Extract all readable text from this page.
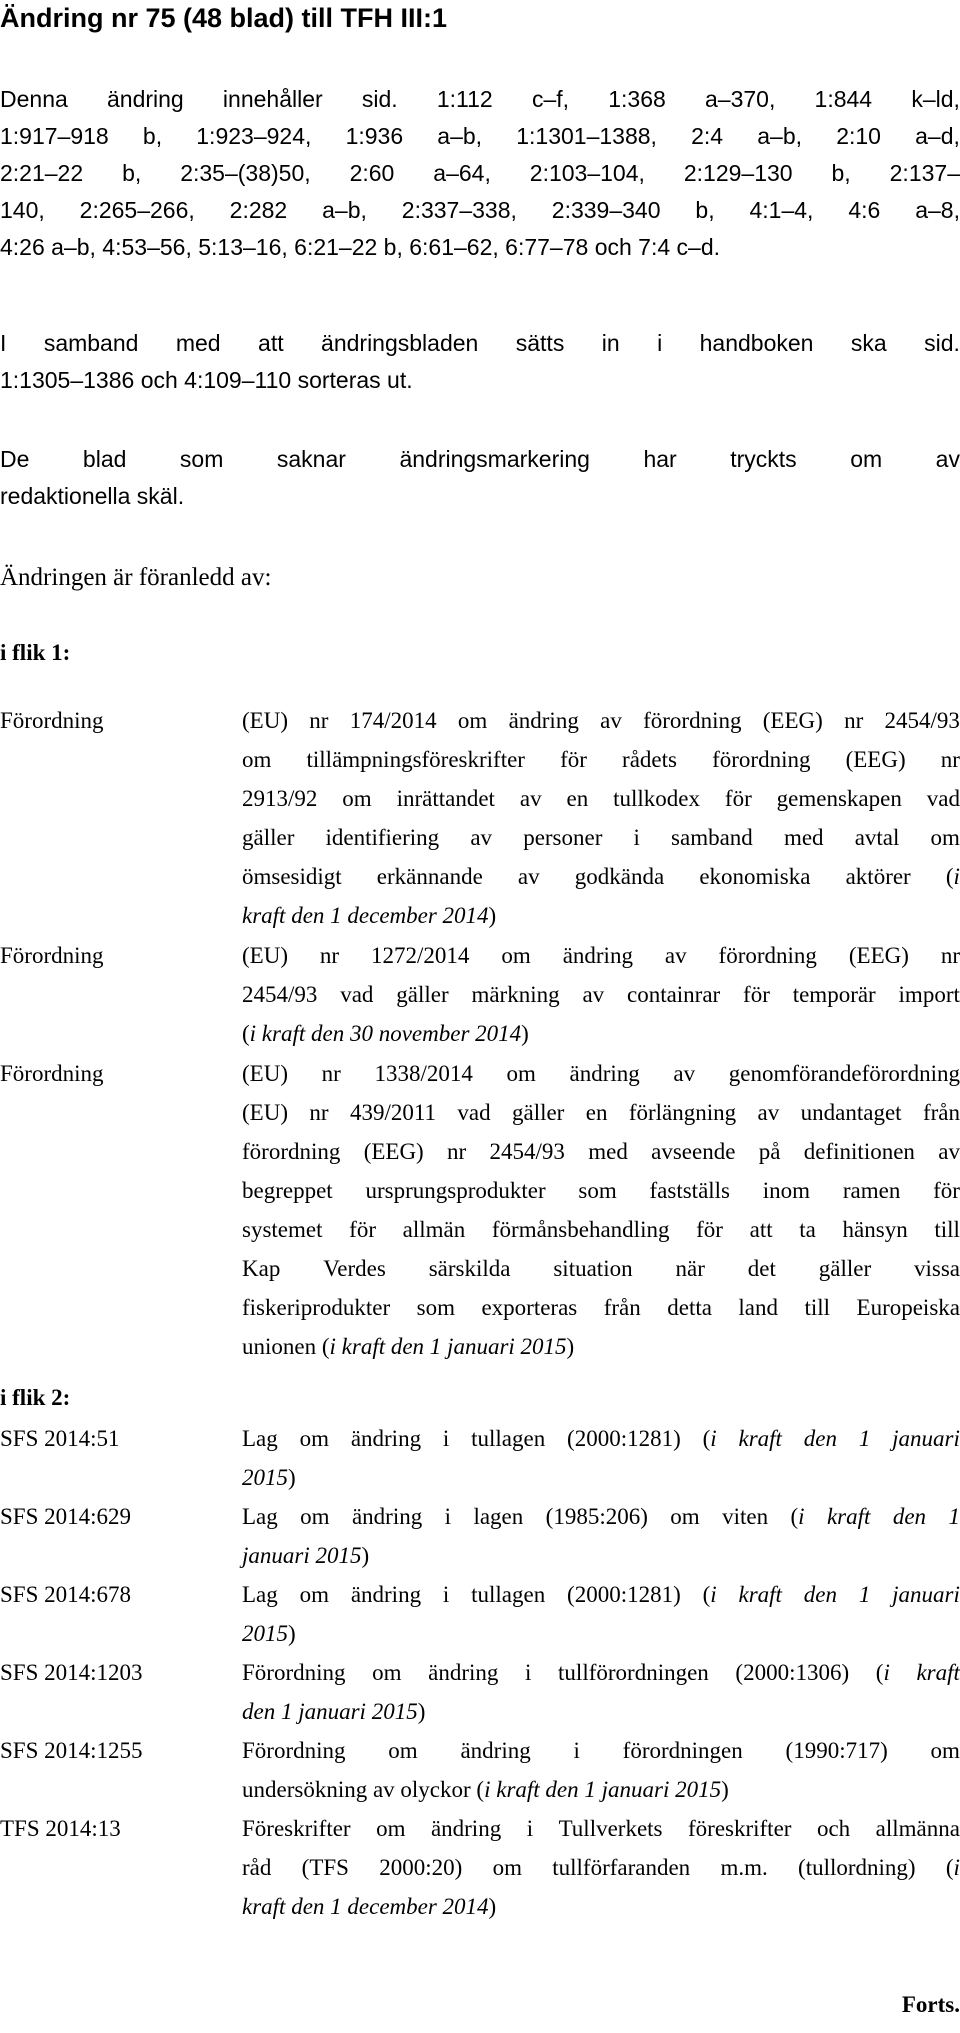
Ändring nr 75 (48 blad) till TFH III:1
Denna ändring innehåller sid. 1:112 c–f, 1:368 a–370, 1:844 k–ld,
1:917–918 b, 1:923–924, 1:936 a–b, 1:1301–1388, 2:4 a–b, 2:10 a–d,
2:21–22 b, 2:35–(38)50, 2:60 a–64, 2:103–104, 2:129–130 b, 2:137–
140, 2:265–266, 2:282 a–b, 2:337–338, 2:339–340 b, 4:1–4, 4:6 a–8,
4:26 a–b, 4:53–56, 5:13–16, 6:21–22 b, 6:61–62, 6:77–78 och 7:4 c–d.
I samband med att ändringsbladen sätts in i handboken ska sid.
1:1305–1386 och 4:109–110 sorteras ut.
De blad som saknar ändringsmarkering har tryckts om av
redaktionella skäl.
Ändringen är föranledd av:
i flik 1:
Förordning	(EU) nr 174/2014 om ändring av förordning (EEG) nr 2454/93
om tillämpningsföreskrifter för rådets förordning (EEG) nr
2913/92 om inrättandet av en tullkodex för gemenskapen vad
gäller identifiering av personer i samband med avtal om
ömsesidigt erkännande av godkända ekonomiska aktörer (i
kraft den 1 december 2014 )
Förordning	(EU) nr 1272/2014 om ändring av förordning (EEG) nr
2454/93 vad gäller märkning av containrar för temporär import
( i kraft den 30 november 2014 )
Förordning	(EU) nr 1338/2014 om ändring av genomförandeförordning
(EU) nr 439/2011 vad gäller en förlängning av undantaget från
förordning (EEG) nr 2454/93 med avseende på definitionen av
begreppet ursprungsprodukter som fastställs inom ramen för
systemet för allmän förmånsbehandling för att ta hänsyn till
Kap Verdes särskilda situation när det gäller vissa
fiskeriprodukter som exporteras från detta land till Europeiska
unionen ( i kraft den 1 januari 2015 )
i flik 2:
SFS 2014:51	Lag om ändring i tullagen (2000:1281) (i kraft den 1 januari
2015 )
SFS 2014:629	Lag om ändring i lagen (1985:206) om viten (i kraft den 1
januari 2015 )
SFS 2014:678	Lag om ändring i tullagen (2000:1281) (i kraft den 1 januari
2015 )
SFS 2014:1203	Förordning om ändring i tullförordningen (2000:1306) (i kraft
den 1 januari 2015 )
SFS 2014:1255	Förordning om ändring i förordningen (1990:717) om
undersökning av olyckor ( i kraft den 1 januari 2015 )
TFS 2014:13	Föreskrifter om ändring i Tullverkets föreskrifter och allmänna
råd (TFS 2000:20) om tullförfaranden m.m. (tullordning) (i
kraft den 1 december 2014 )
Forts.
